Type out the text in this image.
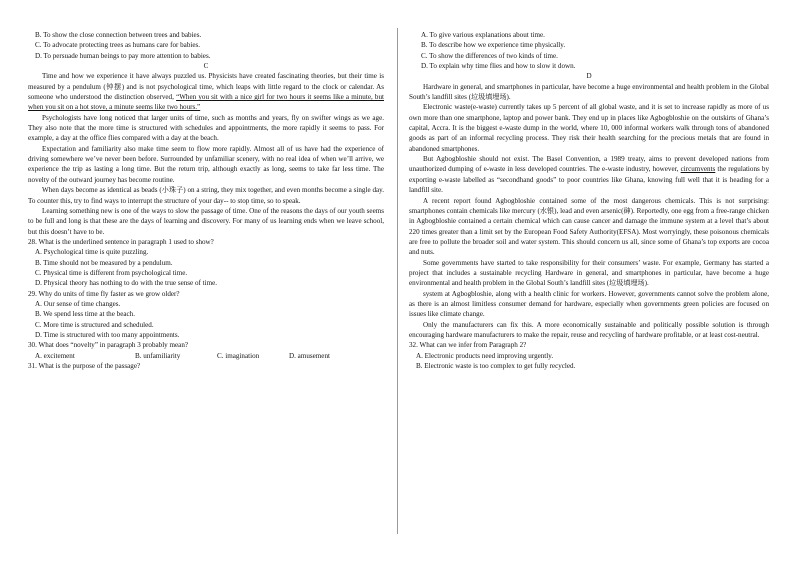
B. To show the close connection between trees and babies.
C. To advocate protecting trees as humans care for babies.
D. To persuade human beings to pay more attention to babies.
C
Time and how we experience it have always puzzled us. Physicists have created fascinating theories, but their time is measured by a pendulum (钟摆) and is not psychological time, which leaps with little regard to the clock or calendar. As someone who understood the distinction observed, “When you sit with a nice girl for two hours it seems like a minute, but when you sit on a hot stove, a minute seems like two hours.”
Psychologists have long noticed that larger units of time, such as months and years, fly on swifter wings as we age. They also note that the more time is structured with schedules and appointments, the more rapidly it seems to pass. For example, a day at the office flies compared with a day at the beach.
Expectation and familiarity also make time seem to flow more rapidly. Almost all of us have had the experience of driving somewhere we’ve never been before. Surrounded by unfamiliar scenery, with no real idea of when we’ll arrive, we experience the trip as lasting a long time. But the return trip, although exactly as long, seems to take far less time. The novelty of the outward journey has become routine.
When days become as identical as beads (小珠子) on a string, they mix together, and even months become a single day. To counter this, try to find ways to interrupt the structure of your day-- to stop time, so to speak.
Learning something new is one of the ways to slow the passage of time. One of the reasons the days of our youth seems to be full and long is that these are the days of learning and discovery. For many of us learning ends when we leave school, but this doesn’t have to be.
28. What is the underlined sentence in paragraph 1 used to show?
A. Psychological time is quite puzzling.
B. Time should not be measured by a pendulum.
C. Physical time is different from psychological time.
D. Physical theory has nothing to do with the true sense of time.
29. Why do units of time fly faster as we grow older?
A. Our sense of time changes.
B. We spend less time at the beach.
C. More time is structured and scheduled.
D. Time is structured with too many appointments.
30. What does “novelty” in paragraph 3 probably mean?
A. excitement	B. unfamiliarity	C. imagination	D. amusement
31. What is the purpose of the passage?
A. To give various explanations about time.
B. To describe how we experience time physically.
C. To show the differences of two kinds of time.
D. To explain why time flies and how to slow it down.
D
Hardware in general, and smartphones in particular, have become a huge environmental and health problem in the Global South’s landfill sites (垃圾填埋场).
Electronic waste(e-waste) currently takes up 5 percent of all global waste, and it is set to increase rapidly as more of us own more than one smartphone, laptop and power bank. They end up in places like Agbogbloshie on the outskirts of Ghana’s capital, Accra. It is the biggest e-waste dump in the world, where 10, 000 informal workers walk through tons of abandoned goods as part of an informal recycling process. They risk their health searching for the precious metals that are found in abandoned smartphones.
But Agbogbloshie should not exist. The Basel Convention, a 1989 treaty, aims to prevent developed nations from unauthorized dumping of e-waste in less developed countries. The e-waste industry, however, circumvents the regulations by exporting e-waste labelled as “secondhand goods” to poor countries like Ghana, knowing full well that it is heading for a landfill site.
A recent report found Agbogbloshie contained some of the most dangerous chemicals. This is not surprising: smartphones contain chemicals like mercury (水银), lead and even arsenic(砷). Reportedly, one egg from a free-range chicken in Agbogbloshie contained a certain chemical which can cause cancer and damage the immune system at a level that’s about 220 times greater than a limit set by the European Food Safety Authority(EFSA). Most worryingly, these poisonous chemicals are free to pollute the broader soil and water system. This should concern us all, since some of Ghana’s top exports are cocoa and nuts.
Some governments have started to take responsibility for their consumers’ waste. For example, Germany has started a project that includes a sustainable recycling Hardware in general, and smartphones in particular, have become a huge environmental and health problem in the Global South’s landfill sites (垃圾填埋场).
system at Agbogbloshie, along with a health clinic for workers. However, governments cannot solve the problem alone, as there is an almost limitless consumer demand for hardware, especially when governments green policies are focused on issues like climate change.
Only the manufacturers can fix this. A more economically sustainable and politically possible solution is through encouraging hardware manufacturers to make the repair, reuse and recycling of hardware profitable, or at least cost-neutral.
32. What can we infer from Paragraph 2?
A. Electronic products need improving urgently.
B. Electronic waste is too complex to get fully recycled.
